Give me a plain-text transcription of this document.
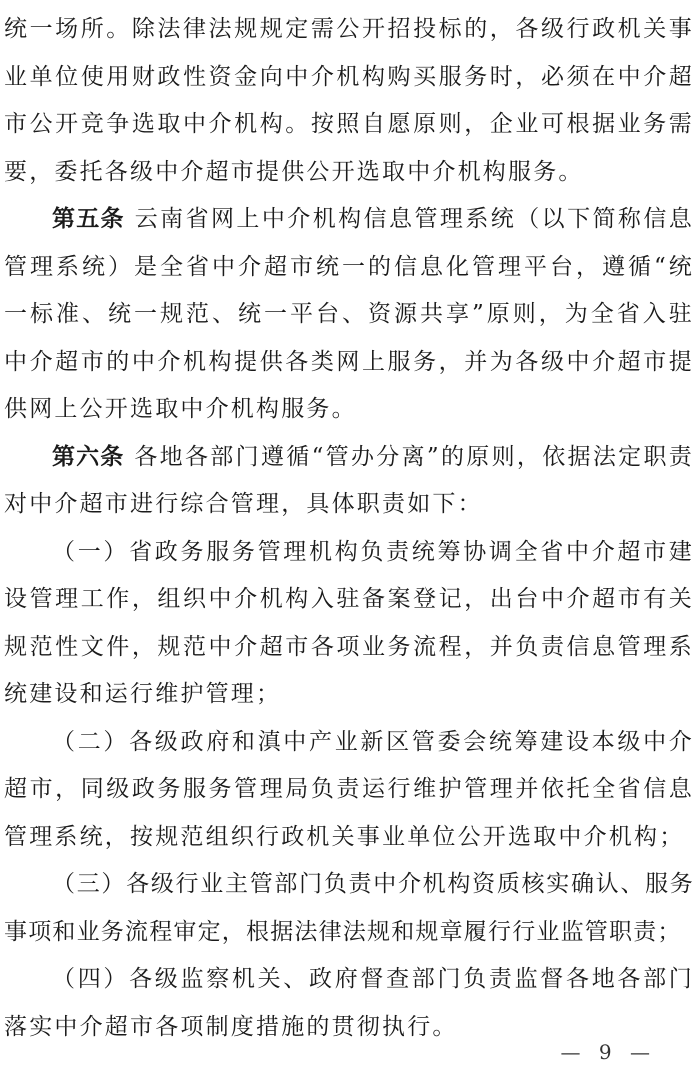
统一场所。除法律法规规定需公开招投标的，各级行政机关事业单位使用财政性资金向中介机构购买服务时，必须在中介超市公开竞争选取中介机构。按照自愿原则，企业可根据业务需要，委托各级中介超市提供公开选取中介机构服务。

第五条 云南省网上中介机构信息管理系统（以下简称信息管理系统）是全省中介超市统一的信息化管理平台，遵循“统一标准、统一规范、统一平台、资源共享”原则，为全省入驻中介超市的中介机构提供各类网上服务，并为各级中介超市提供网上公开选取中介机构服务。

第六条 各地各部门遵循“管办分离”的原则，依据法定职责对中介超市进行综合管理，具体职责如下：

（一）省政务服务管理机构负责统筹协调全省中介超市建设管理工作，组织中介机构入驻备案登记，出台中介超市有关规范性文件，规范中介超市各项业务流程，并负责信息管理系统建设和运行维护管理；

（二）各级政府和滇中产业新区管委会统筹建设本级中介超市，同级政务服务管理局负责运行维护管理并依托全省信息管理系统，按规范组织行政机关事业单位公开选取中介机构；

（三）各级行业主管部门负责中介机构资质核实确认、服务事项和业务流程审定，根据法律法规和规章履行行业监管职责；

（四）各级监察机关、政府督查部门负责监督各地各部门落实中介超市各项制度措施的贯彻执行。

— 9 —
